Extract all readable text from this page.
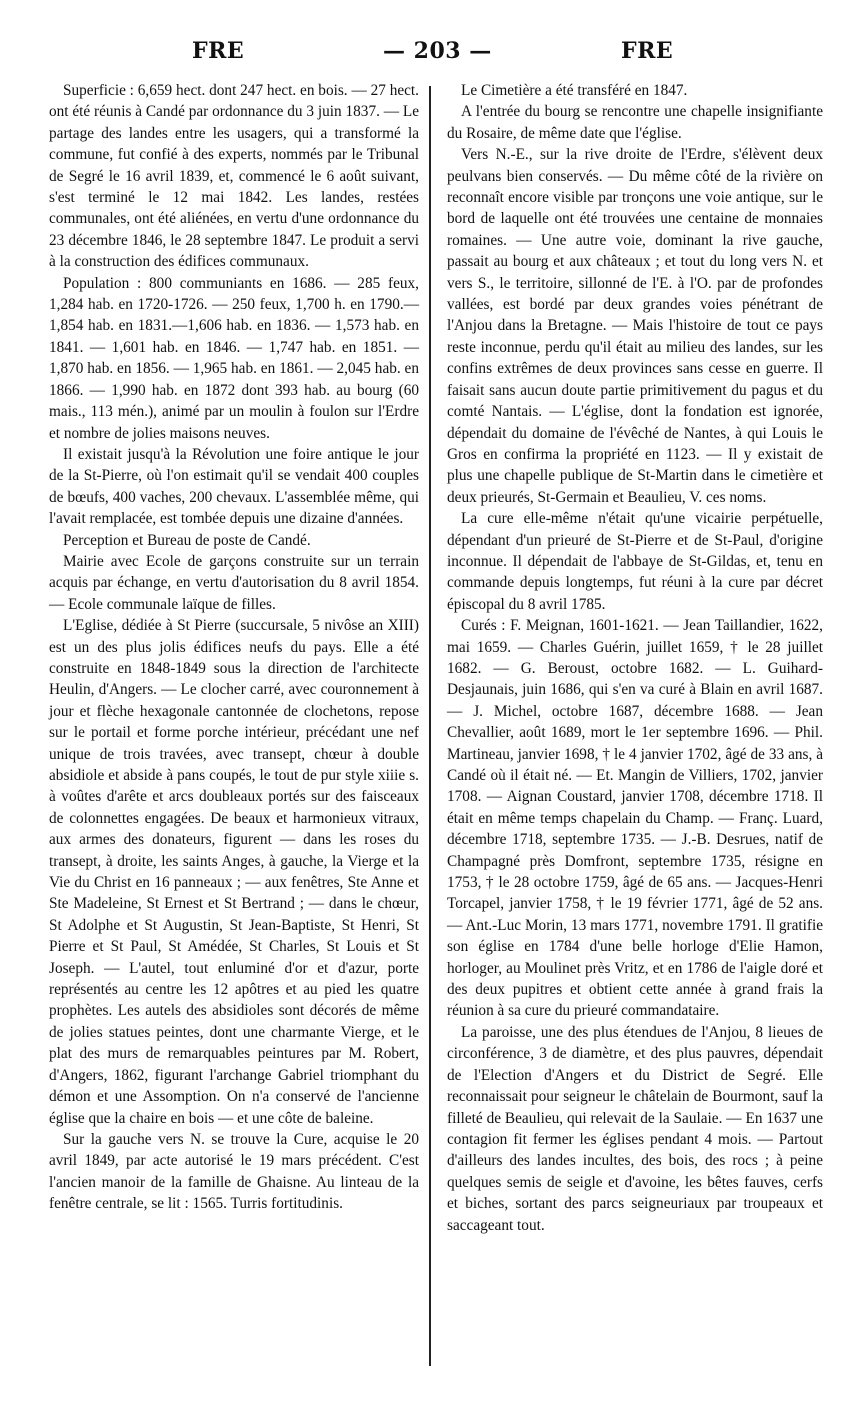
FRE	— 203 —	FRE

Superficie : 6,659 hect. dont 247 hect. en bois. — 27 hect. ont été réunis à Candé par ordonnance du 3 juin 1837. — Le partage des landes entre les usagers, qui a transformé la commune, fut confié à des experts, nommés par le Tribunal de Segré le 16 avril 1839, et, commencé le 6 août suivant, s'est terminé le 12 mai 1842. Les landes, restées communales, ont été aliénées, en vertu d'une ordonnance du 23 décembre 1846, le 28 septembre 1847. Le produit a servi à la construction des édifices communaux.

Population : 800 communiants en 1686. — 285 feux, 1,284 hab. en 1720-1726. — 250 feux, 1,700 h. en 1790.—1,854 hab. en 1831.—1,606 hab. en 1836. — 1,573 hab. en 1841. — 1,601 hab. en 1846. — 1,747 hab. en 1851. — 1,870 hab. en 1856. — 1,965 hab. en 1861. — 2,045 hab. en 1866. — 1,990 hab. en 1872 dont 393 hab. au bourg (60 mais., 113 mén.), animé par un moulin à foulon sur l'Erdre et nombre de jolies maisons neuves.

Il existait jusqu'à la Révolution une foire antique le jour de la St-Pierre, où l'on estimait qu'il se vendait 400 couples de bœufs, 400 vaches, 200 chevaux. L'assemblée même, qui l'avait remplacée, est tombée depuis une dizaine d'années.

Perception et Bureau de poste de Candé.

Mairie avec Ecole de garçons construite sur un terrain acquis par échange, en vertu d'autorisation du 8 avril 1854. — Ecole communale laïque de filles.

L'Eglise, dédiée à St Pierre (succursale, 5 nivôse an XIII) est un des plus jolis édifices neufs du pays. Elle a été construite en 1848-1849 sous la direction de l'architecte Heulin, d'Angers. — Le clocher carré, avec couronnement à jour et flèche hexagonale cantonnée de clochetons, repose sur le portail et forme porche intérieur, précédant une nef unique de trois travées, avec transept, chœur à double absidiole et abside à pans coupés, le tout de pur style xiiie s. à voûtes d'arête et arcs doubleaux portés sur des faisceaux de colonnettes engagées. De beaux et harmonieux vitraux, aux armes des donateurs, figurent — dans les roses du transept, à droite, les saints Anges, à gauche, la Vierge et la Vie du Christ en 16 panneaux ; — aux fenêtres, Ste Anne et Ste Madeleine, St Ernest et St Bertrand ; — dans le chœur, St Adolphe et St Augustin, St Jean-Baptiste, St Henri, St Pierre et St Paul, St Amédée, St Charles, St Louis et St Joseph. — L'autel, tout enluminé d'or et d'azur, porte représentés au centre les 12 apôtres et au pied les quatre prophètes. Les autels des absidioles sont décorés de même de jolies statues peintes, dont une charmante Vierge, et le plat des murs de remarquables peintures par M. Robert, d'Angers, 1862, figurant l'archange Gabriel triomphant du démon et une Assomption. On n'a conservé de l'ancienne église que la chaire en bois — et une côte de baleine.

Sur la gauche vers N. se trouve la Cure, acquise le 20 avril 1849, par acte autorisé le 19 mars précédent. C'est l'ancien manoir de la famille de Ghaisne. Au linteau de la fenêtre centrale, se lit : 1565. Turris fortitudinis.

Le Cimetière a été transféré en 1847.

A l'entrée du bourg se rencontre une chapelle insignifiante du Rosaire, de même date que l'église.

Vers N.-E., sur la rive droite de l'Erdre, s'élèvent deux peulvans bien conservés. — Du même côté de la rivière on reconnaît encore visible par tronçons une voie antique, sur le bord de laquelle ont été trouvées une centaine de monnaies romaines. — Une autre voie, dominant la rive gauche, passait au bourg et aux châteaux ; et tout du long vers N. et vers S., le territoire, sillonné de l'E. à l'O. par de profondes vallées, est bordé par deux grandes voies pénétrant de l'Anjou dans la Bretagne. — Mais l'histoire de tout ce pays reste inconnue, perdu qu'il était au milieu des landes, sur les confins extrêmes de deux provinces sans cesse en guerre. Il faisait sans aucun doute partie primitivement du pagus et du comté Nantais. — L'église, dont la fondation est ignorée, dépendait du domaine de l'évêché de Nantes, à qui Louis le Gros en confirma la propriété en 1123. — Il y existait de plus une chapelle publique de St-Martin dans le cimetière et deux prieurés, St-Germain et Beaulieu, V. ces noms.

La cure elle-même n'était qu'une vicairie perpétuelle, dépendant d'un prieuré de St-Pierre et de St-Paul, d'origine inconnue. Il dépendait de l'abbaye de St-Gildas, et, tenu en commande depuis longtemps, fut réuni à la cure par décret épiscopal du 8 avril 1785.

Curés : F. Meignan, 1601-1621. — Jean Taillandier, 1622, mai 1659. — Charles Guérin, juillet 1659, † le 28 juillet 1682. — G. Beroust, octobre 1682. — L. Guihard-Desjaunais, juin 1686, qui s'en va curé à Blain en avril 1687. — J. Michel, octobre 1687, décembre 1688. — Jean Chevallier, août 1689, mort le 1er septembre 1696. — Phil. Martineau, janvier 1698, † le 4 janvier 1702, âgé de 33 ans, à Candé où il était né. — Et. Mangin de Villiers, 1702, janvier 1708. — Aignan Coustard, janvier 1708, décembre 1718. Il était en même temps chapelain du Champ. — Franç. Luard, décembre 1718, septembre 1735. — J.-B. Desrues, natif de Champagné près Domfront, septembre 1735, résigne en 1753, † le 28 octobre 1759, âgé de 65 ans. — Jacques-Henri Torcapel, janvier 1758, † le 19 février 1771, âgé de 52 ans. — Ant.-Luc Morin, 13 mars 1771, novembre 1791. Il gratifie son église en 1784 d'une belle horloge d'Elie Hamon, horloger, au Moulinet près Vritz, et en 1786 de l'aigle doré et des deux pupitres et obtient cette année à grand frais la réunion à sa cure du prieuré commandataire.

La paroisse, une des plus étendues de l'Anjou, 8 lieues de circonférence, 3 de diamètre, et des plus pauvres, dépendait de l'Election d'Angers et du District de Segré. Elle reconnaissait pour seigneur le châtelain de Bourmont, sauf la filleté de Beaulieu, qui relevait de la Saulaie. — En 1637 une contagion fit fermer les églises pendant 4 mois. — Partout d'ailleurs des landes incultes, des bois, des rocs ; à peine quelques semis de seigle et d'avoine, les bêtes fauves, cerfs et biches, sortant des parcs seigneuriaux par troupeaux et saccageant tout.
